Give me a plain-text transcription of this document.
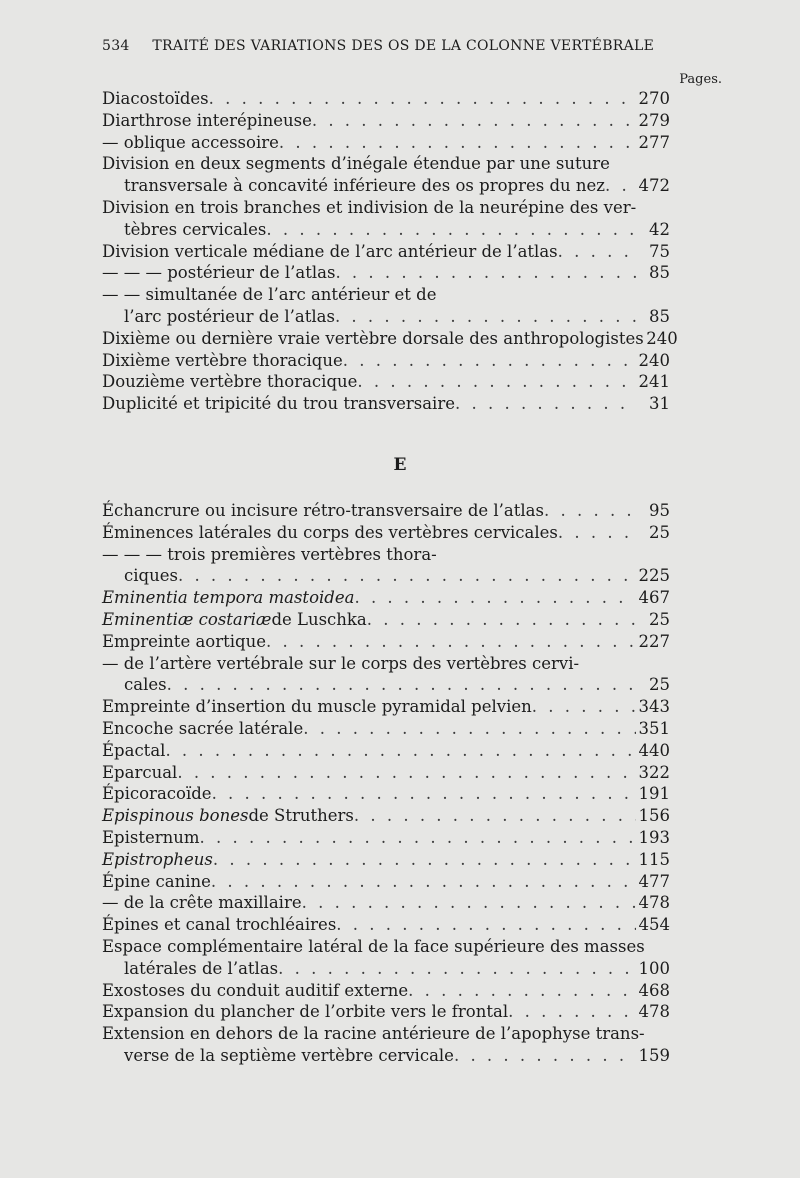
534 TRAITÉ DES VARIATIONS DES OS DE LA COLONNE VERTÉBRALE
Pages.
Diacostoïdes . . .	270
Diarthrose interépineuse . . .	279
— oblique accessoire . . .	277
Division en deux segments d’inégale étendue par une suture
transversale à concavité inférieure des os propres du nez . . . 472
Division en trois branches et indivision de la neurépine des ver-
tèbres cervicales . . .	42
Division verticale médiane de l’arc antérieur de l’atlas . . .	75
— — — postérieur de l’atlas . . .	85
— — simultanée de l’arc antérieur et de
l’arc postérieur de l’atlas . . .	85
Dixième ou dernière vraie vertèbre dorsale des anthropologistes 240
Dixième vertèbre thoracique . . .	240
Douzième vertèbre thoracique . . .	241
Duplicité et tripicité du trou transversaire . . .	31
E
Échancrure ou incisure rétro-transversaire de l’atlas . . .	95
Éminences latérales du corps des vertèbres cervicales . . .	25
— — — trois premières vertèbres thora-
ciques . . .	225
Eminentia tempora mastoidea . . .	467
Eminentiæ costariæ de Luschka . . .	25
Empreinte aortique . . .	227
— de l’artère vertébrale sur le corps des vertèbres cervi-
cales . . .	25
Empreinte d’insertion du muscle pyramidal pelvien . . .	343
Encoche sacrée latérale . . .	351
Épactal . . .	440
Eparcual . . .	322
Épicoracoïde . . .	191
Epispinous bones de Struthers . . .	156
Episternum . . .	193
Epistropheus . . .	115
Épine canine . . .	477
— de la crête maxillaire . . .	478
Épines et canal trochléaires . . .	454
Espace complémentaire latéral de la face supérieure des masses
latérales de l’atlas . . .	100
Exostoses du conduit auditif externe . . .	468
Expansion du plancher de l’orbite vers le frontal . . .	478
Extension en dehors de la racine antérieure de l’apophyse trans-
verse de la septième vertèbre cervicale . . .	159
